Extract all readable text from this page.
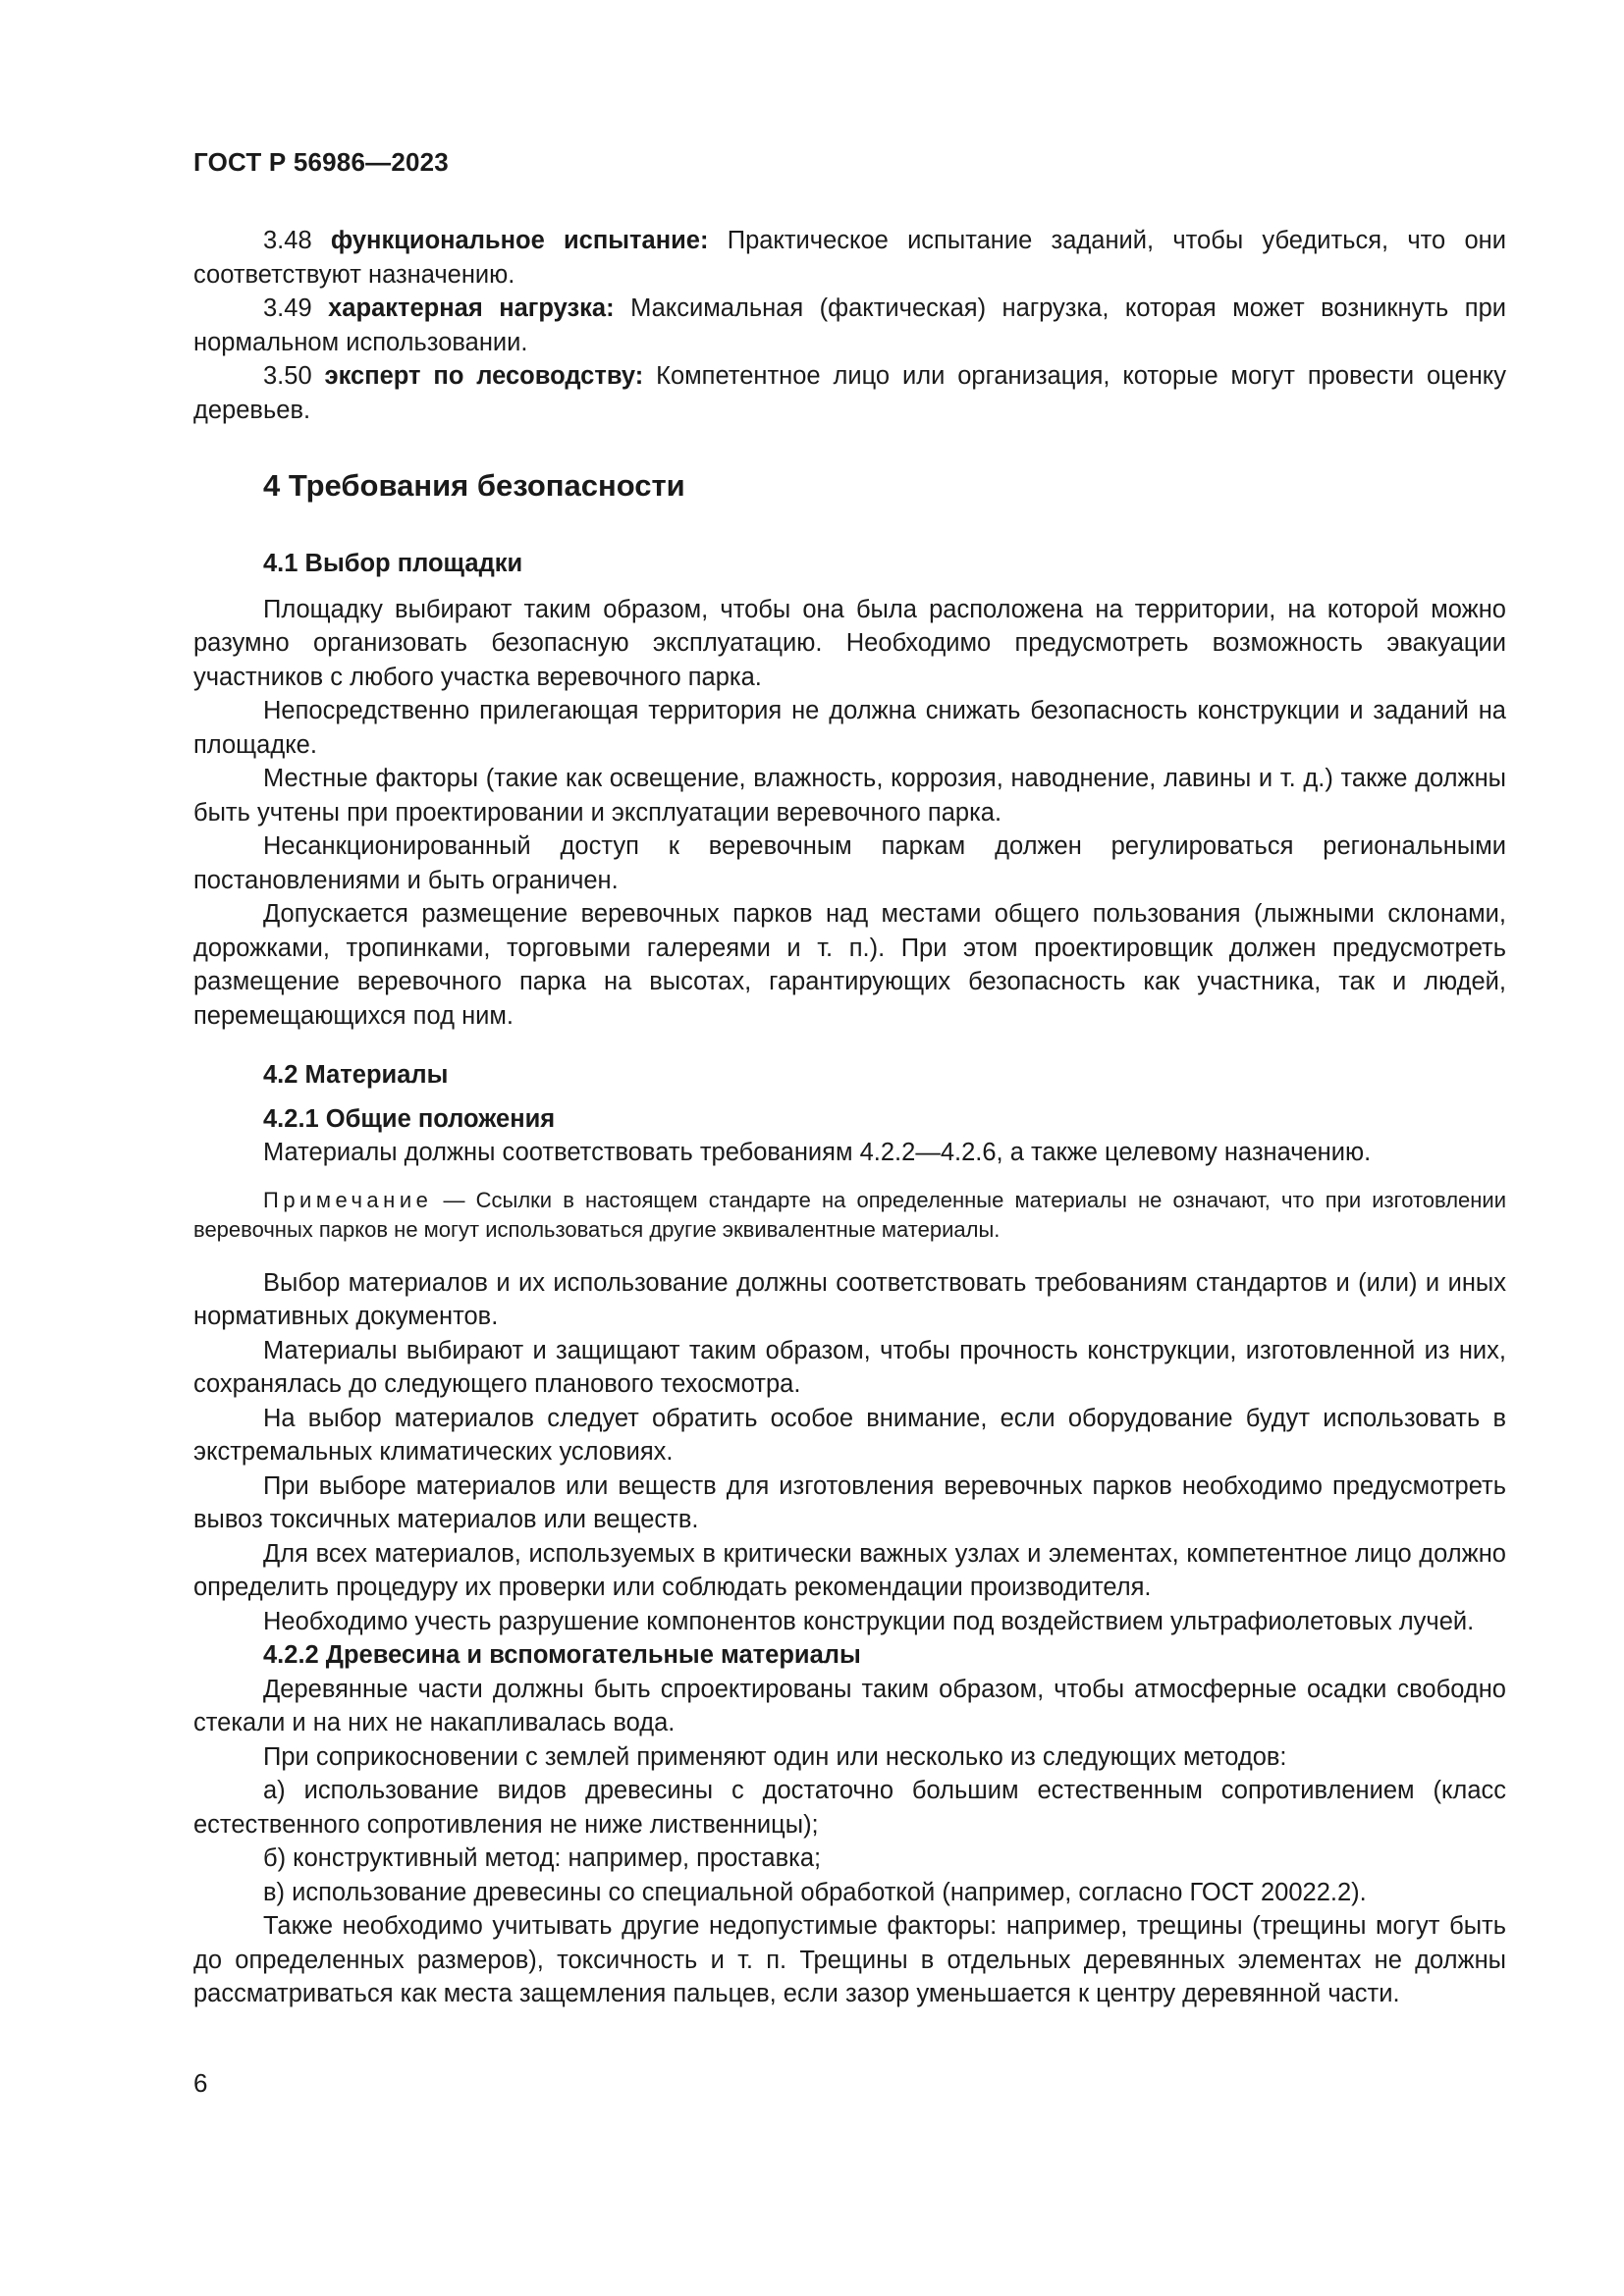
ГОСТ Р 56986—2023

3.48 функциональное испытание: Практическое испытание заданий, чтобы убедиться, что они соответствуют назначению.

3.49 характерная нагрузка: Максимальная (фактическая) нагрузка, которая может возникнуть при нормальном использовании.

3.50 эксперт по лесоводству: Компетентное лицо или организация, которые могут провести оценку деревьев.

4 Требования безопасности
4.1 Выбор площадки

Площадку выбирают таким образом, чтобы она была расположена на территории, на которой можно разумно организовать безопасную эксплуатацию. Необходимо предусмотреть возможность эвакуации участников с любого участка веревочного парка.

Непосредственно прилегающая территория не должна снижать безопасность конструкции и заданий на площадке.

Местные факторы (такие как освещение, влажность, коррозия, наводнение, лавины и т. д.) также должны быть учтены при проектировании и эксплуатации веревочного парка.

Несанкционированный доступ к веревочным паркам должен регулироваться региональными постановлениями и быть ограничен.

Допускается размещение веревочных парков над местами общего пользования (лыжными склонами, дорожками, тропинками, торговыми галереями и т. п.). При этом проектировщик должен предусмотреть размещение веревочного парка на высотах, гарантирующих безопасность как участника, так и людей, перемещающихся под ним.

4.2 Материалы
4.2.1 Общие положения

Материалы должны соответствовать требованиям 4.2.2—4.2.6, а также целевому назначению.

Примечание — Ссылки в настоящем стандарте на определенные материалы не означают, что при изготовлении веревочных парков не могут использоваться другие эквивалентные материалы.

Выбор материалов и их использование должны соответствовать требованиям стандартов и (или) и иных нормативных документов.

Материалы выбирают и защищают таким образом, чтобы прочность конструкции, изготовленной из них, сохранялась до следующего планового техосмотра.

На выбор материалов следует обратить особое внимание, если оборудование будут использовать в экстремальных климатических условиях.

При выборе материалов или веществ для изготовления веревочных парков необходимо предусмотреть вывоз токсичных материалов или веществ.

Для всех материалов, используемых в критически важных узлах и элементах, компетентное лицо должно определить процедуру их проверки или соблюдать рекомендации производителя.

Необходимо учесть разрушение компонентов конструкции под воздействием ультрафиолетовых лучей.

4.2.2 Древесина и вспомогательные материалы

Деревянные части должны быть спроектированы таким образом, чтобы атмосферные осадки свободно стекали и на них не накапливалась вода.

При соприкосновении с землей применяют один или несколько из следующих методов:

а) использование видов древесины с достаточно большим естественным сопротивлением (класс естественного сопротивления не ниже лиственницы);

б) конструктивный метод: например, проставка;

в) использование древесины со специальной обработкой (например, согласно ГОСТ 20022.2).

Также необходимо учитывать другие недопустимые факторы: например, трещины (трещины могут быть до определенных размеров), токсичность и т. п. Трещины в отдельных деревянных элементах не должны рассматриваться как места защемления пальцев, если зазор уменьшается к центру деревянной части.

6
